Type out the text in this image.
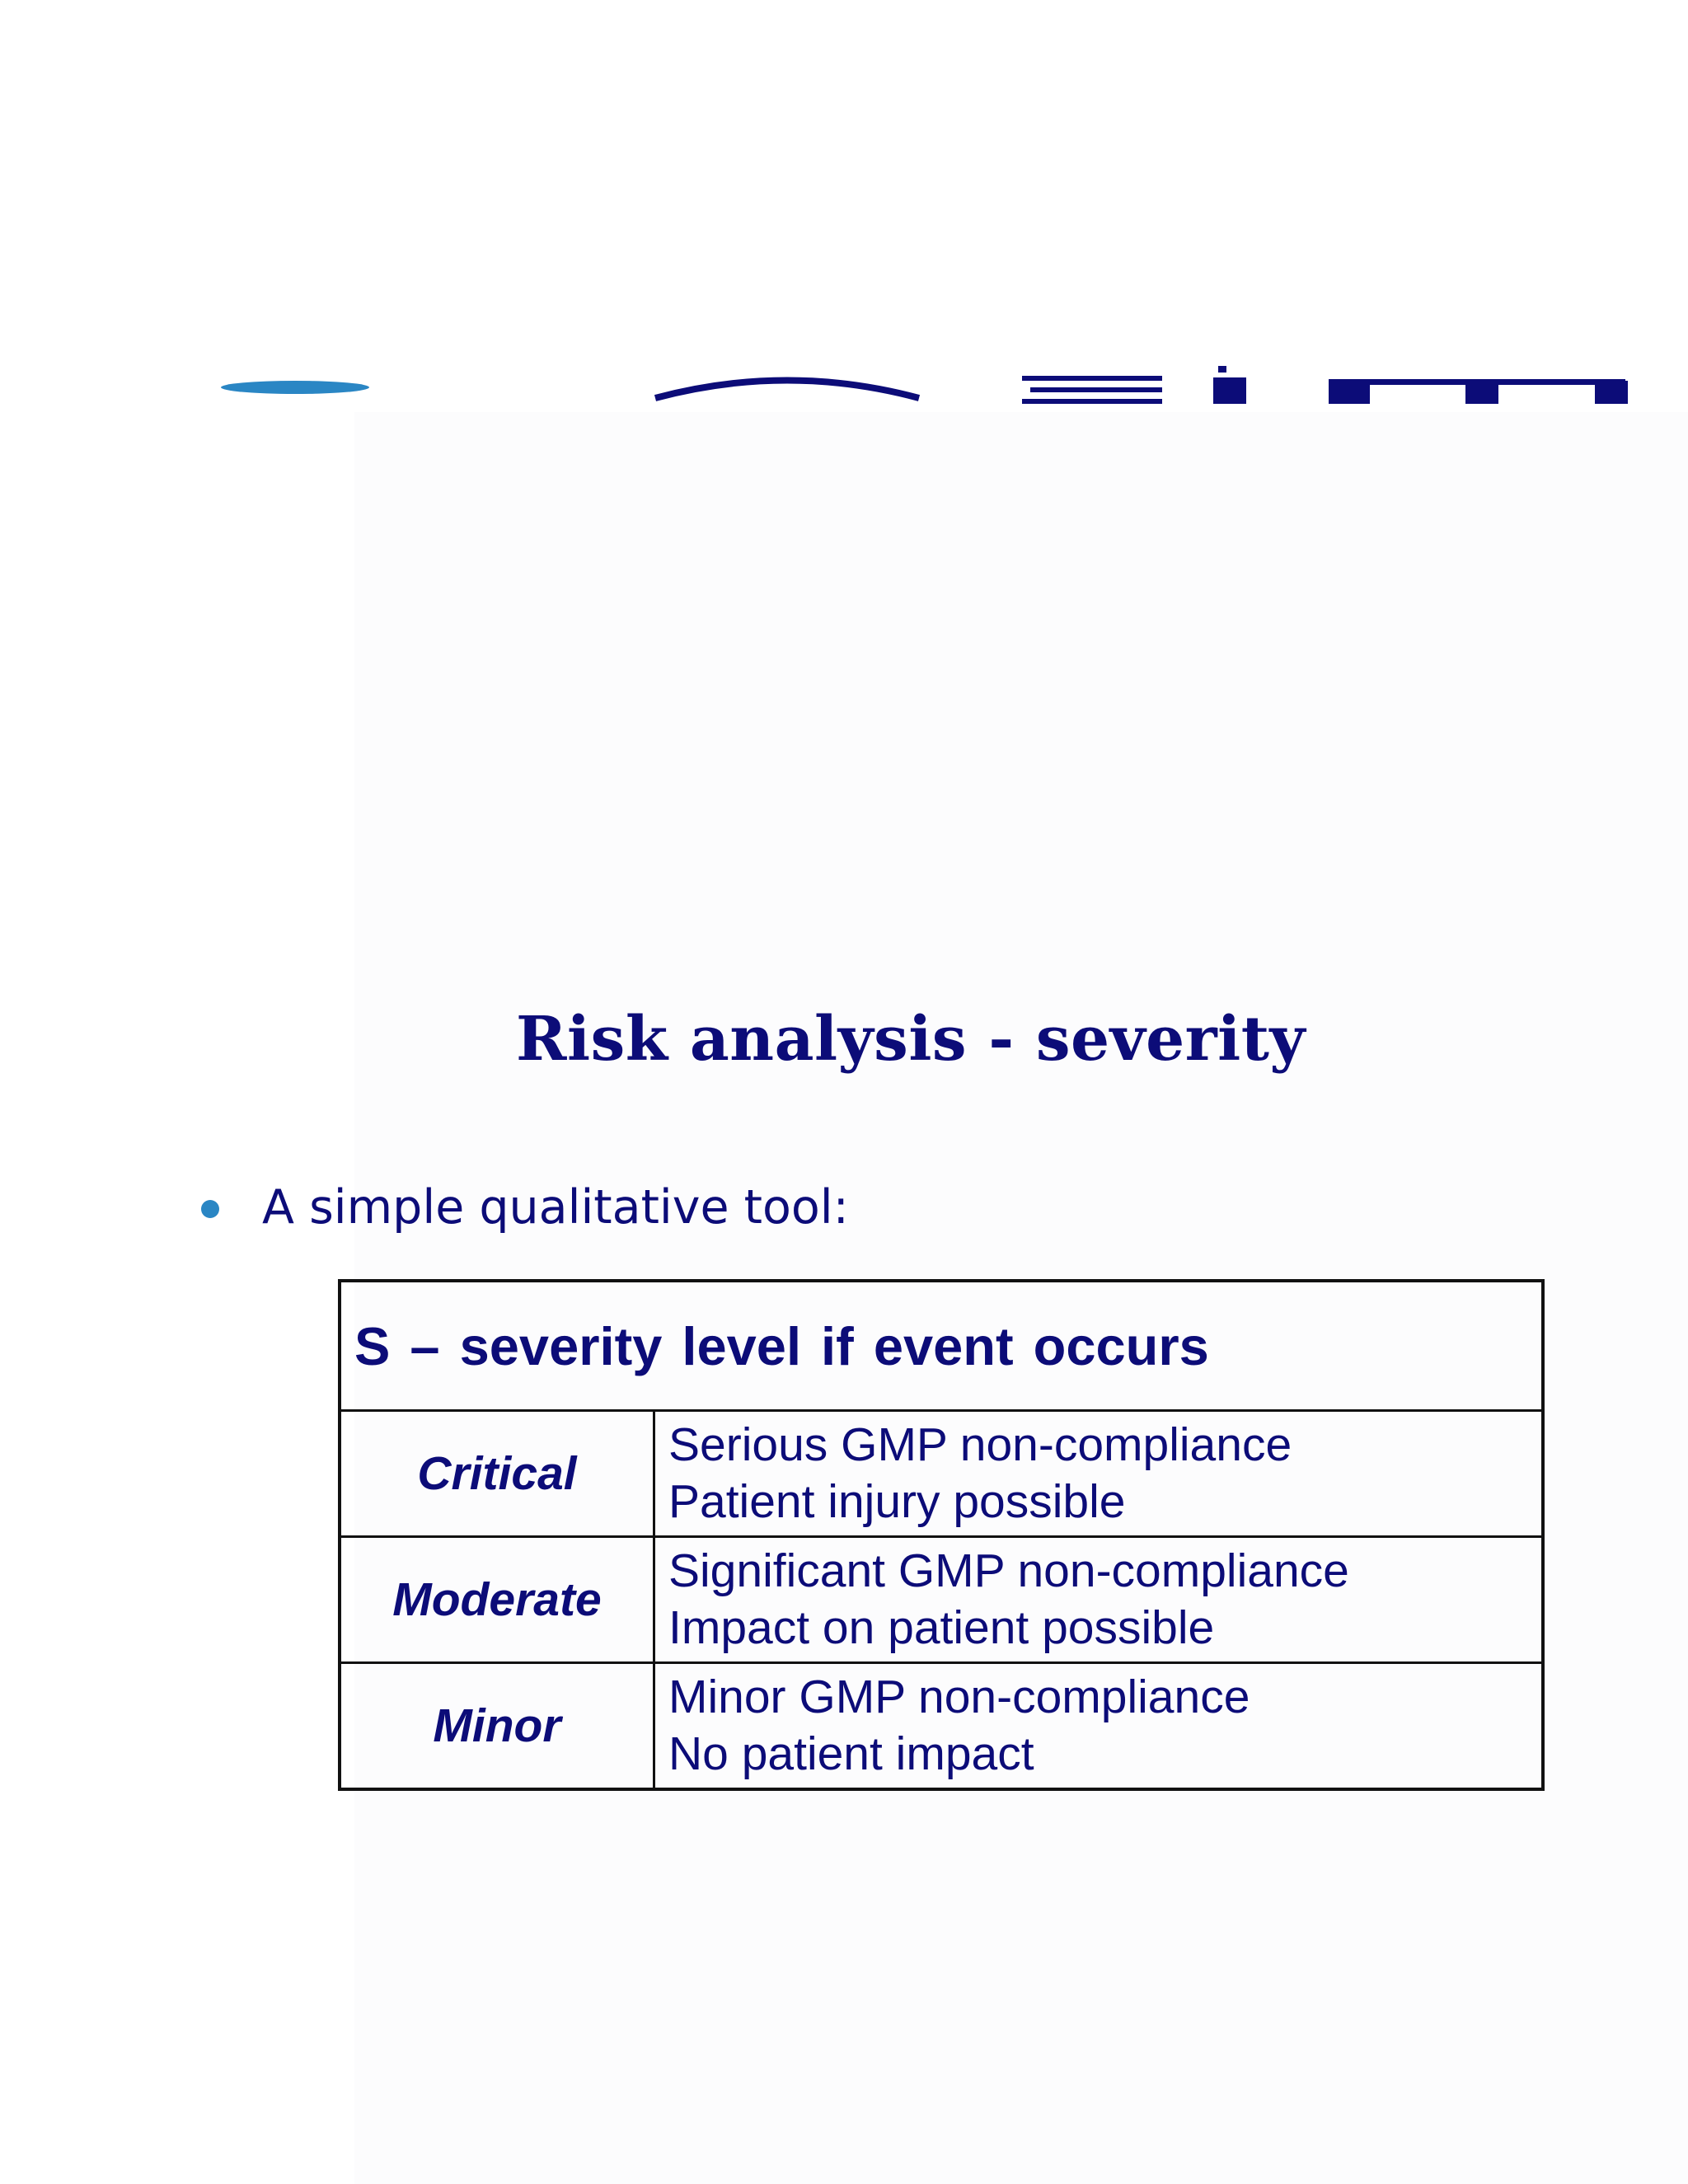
Risk analysis - severity
A simple qualitative tool:
S – severity level if event occurs	
Critical	Serious GMP non-compliance
Patient injury possible

Moderate	Significant GMP non-compliance
Impact on patient possible

Minor	Minor GMP non-compliance
No patient impact
